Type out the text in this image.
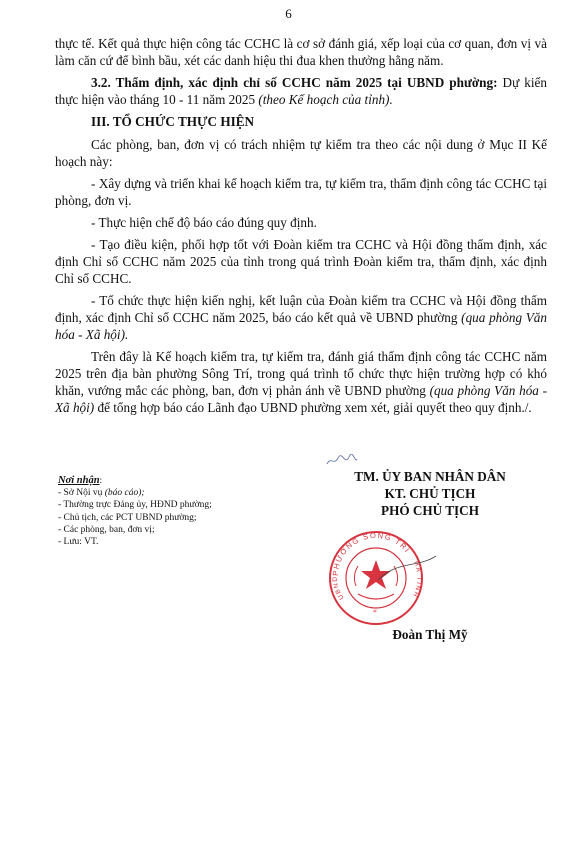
6

thực tế. Kết quả thực hiện công tác CCHC là cơ sở đánh giá, xếp loại của cơ quan, đơn vị và làm căn cứ để bình bầu, xét các danh hiệu thi đua khen thưởng hằng năm.

3.2. Thẩm định, xác định chỉ số CCHC năm 2025 tại UBND phường: Dự kiến thực hiện vào tháng 10 - 11 năm 2025 (theo Kế hoạch của tỉnh).

III. TỔ CHỨC THỰC HIỆN

Các phòng, ban, đơn vị có trách nhiệm tự kiểm tra theo các nội dung ở Mục II Kế hoạch này:

- Xây dựng và triển khai kế hoạch kiểm tra, tự kiểm tra, thẩm định công tác CCHC tại phòng, đơn vị.

- Thực hiện chế độ báo cáo đúng quy định.

- Tạo điều kiện, phối hợp tốt với Đoàn kiểm tra CCHC và Hội đồng thẩm định, xác định Chỉ số CCHC năm 2025 của tỉnh trong quá trình Đoàn kiểm tra, thẩm định, xác định Chỉ số CCHC.

- Tổ chức thực hiện kiến nghị, kết luận của Đoàn kiểm tra CCHC và Hội đồng thẩm định, xác định Chỉ số CCHC năm 2025, báo cáo kết quả về UBND phường (qua phòng Văn hóa - Xã hội).

Trên đây là Kế hoạch kiểm tra, tự kiểm tra, đánh giá thẩm định công tác CCHC năm 2025 trên địa bàn phường Sông Trí, trong quá trình tổ chức thực hiện trường hợp có khó khăn, vướng mắc các phòng, ban, đơn vị phản ánh về UBND phường (qua phòng Văn hóa - Xã hội) để tổng hợp báo cáo Lãnh đạo UBND phường xem xét, giải quyết theo quy định./.

Nơi nhận:
- Sở Nội vụ (báo cáo);
- Thường trực Đảng ủy, HĐND phường;
- Chủ tịch, các PCT UBND phường;
- Các phòng, ban, đơn vị;
- Lưu: VT.
TM. ỦY BAN NHÂN DÂN
KT. CHỦ TỊCH
PHÓ CHỦ TỊCH
PHƯỜNG SÔNG TRÍ
UBND
HÀ TĨNH
*
Đoàn Thị Mỹ
